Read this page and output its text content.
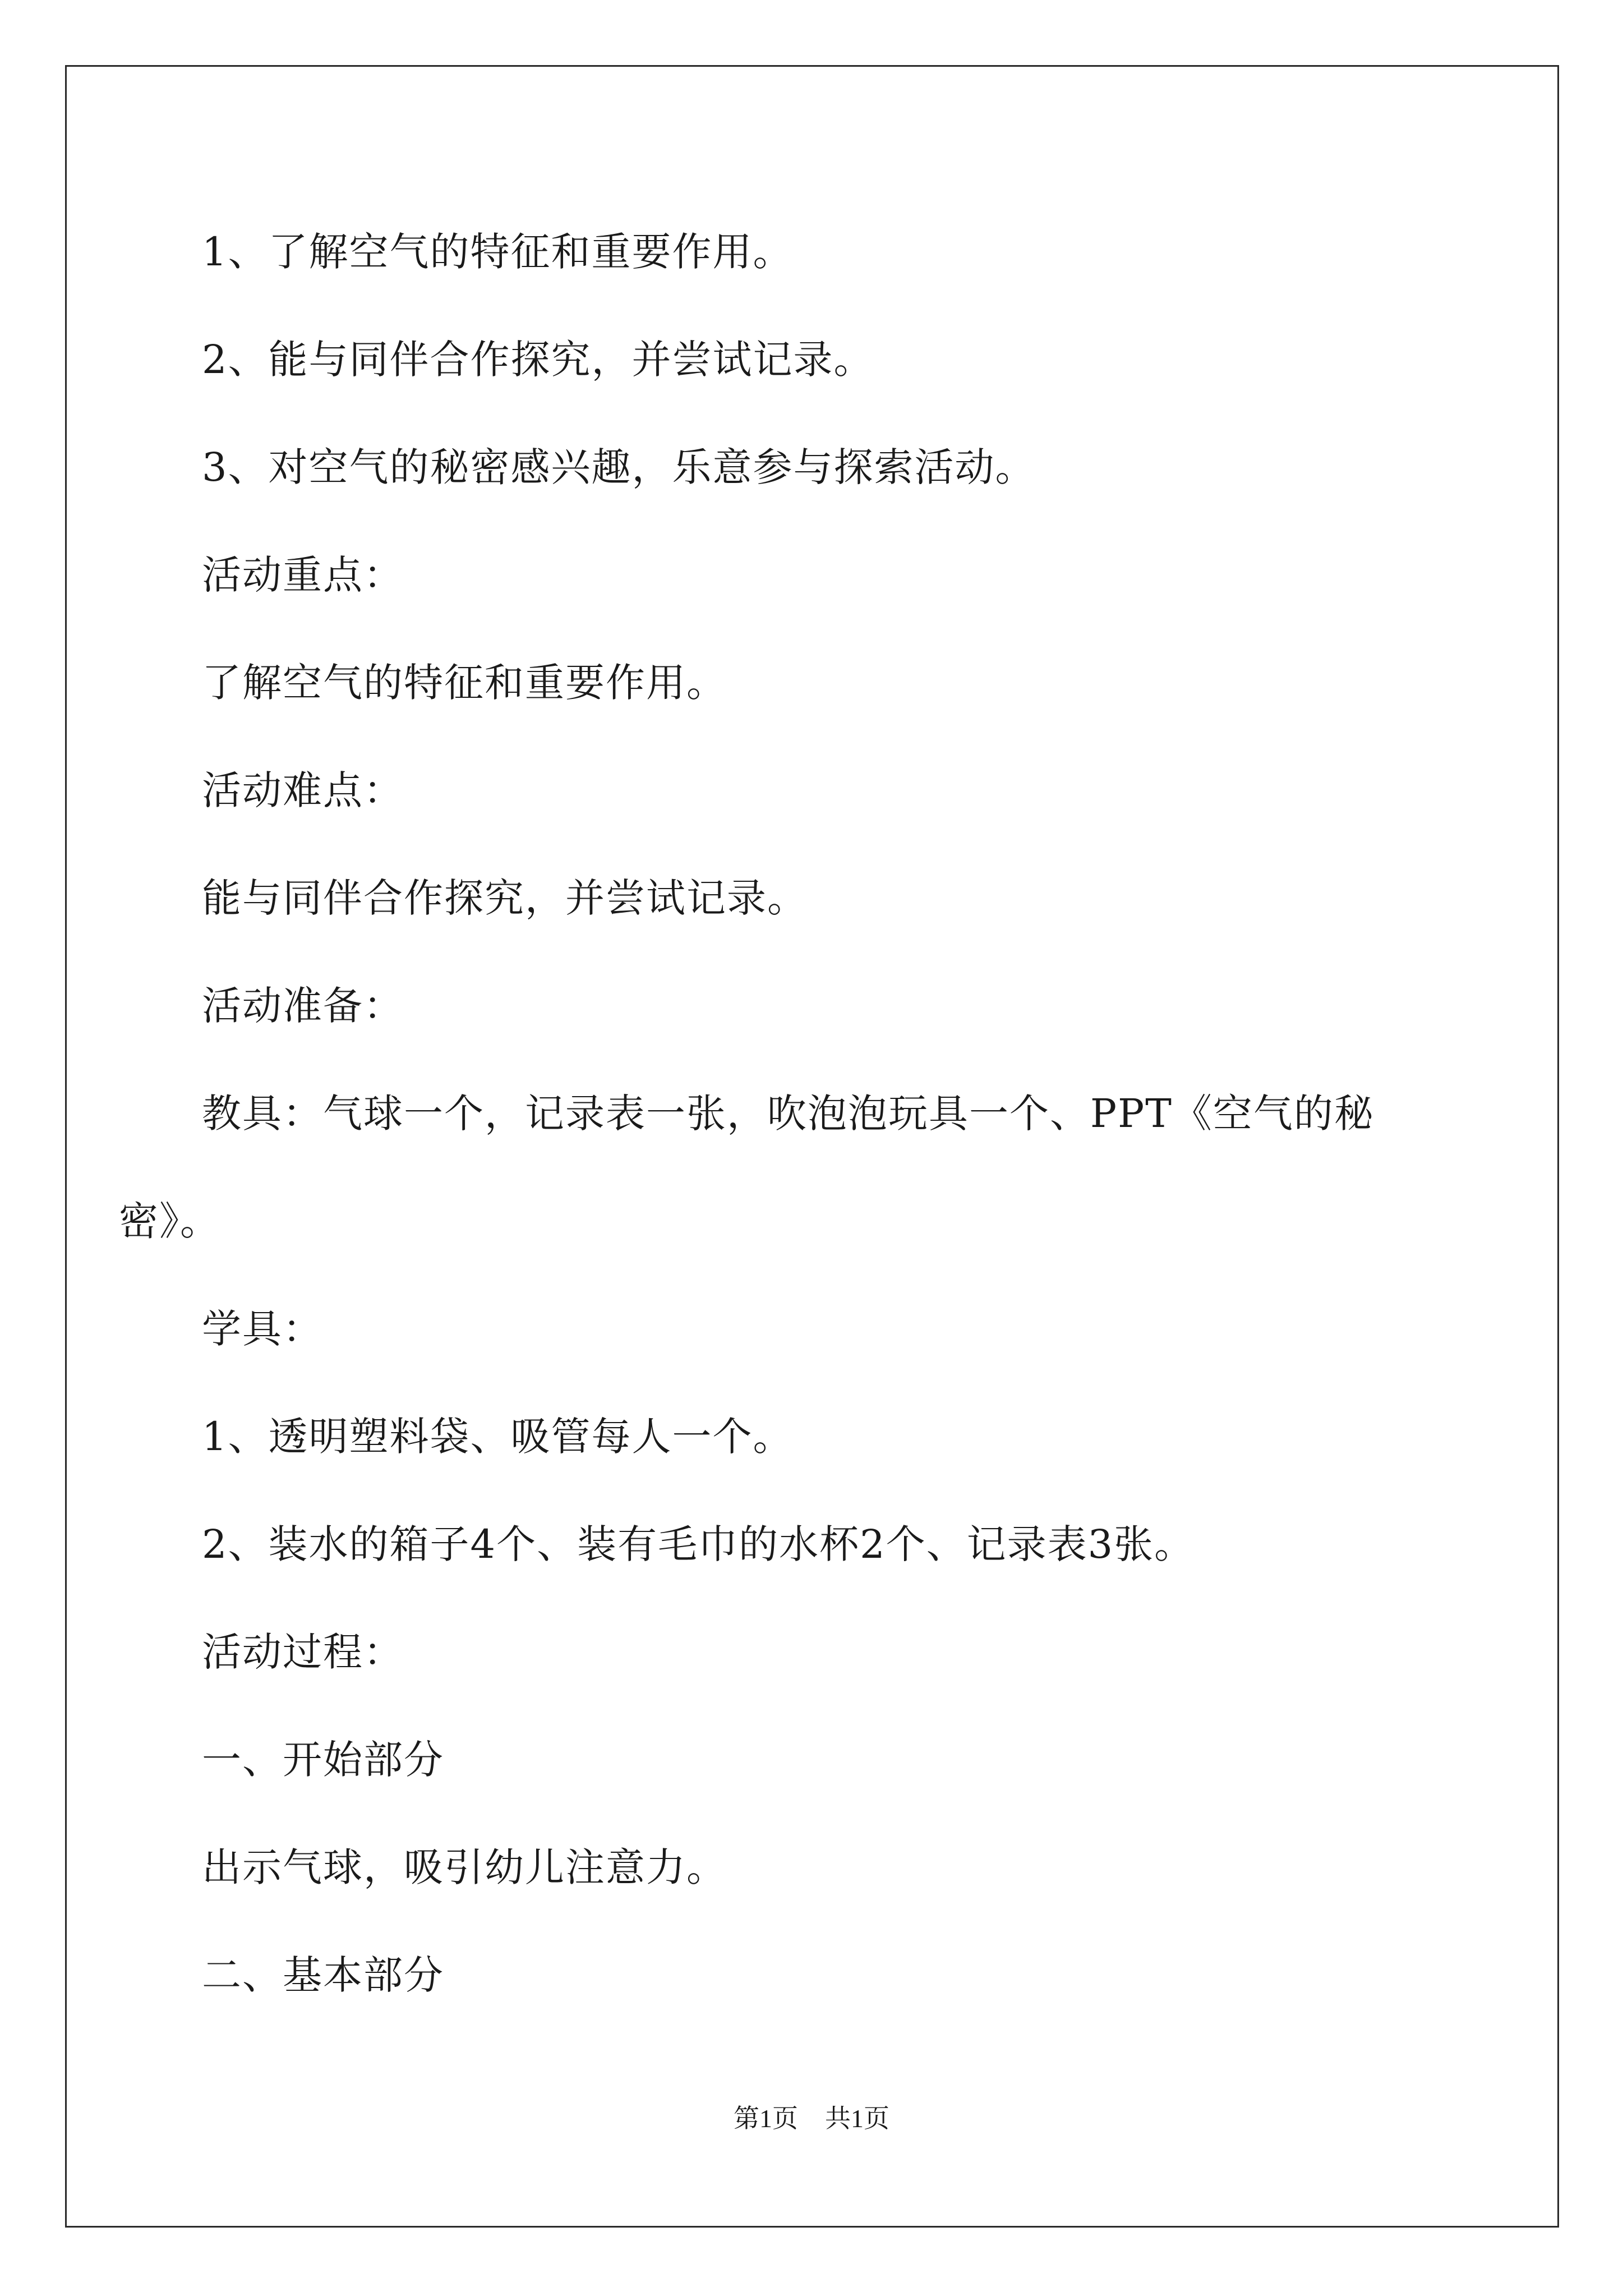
1、了解空气的特征和重要作用。
2、能与同伴合作探究，并尝试记录。
3、对空气的秘密感兴趣，乐意参与探索活动。
活动重点：
了解空气的特征和重要作用。
活动难点：
能与同伴合作探究，并尝试记录。
活动准备：
教具：气球一个，记录表一张，吹泡泡玩具一个、PPT《空气的秘
密》。
学具：
1、透明塑料袋、吸管每人一个。
2、装水的箱子4个、装有毛巾的水杯2个、记录表3张。
活动过程：
一、开始部分
出示气球，吸引幼儿注意力。
二、基本部分
第1页 共1页
